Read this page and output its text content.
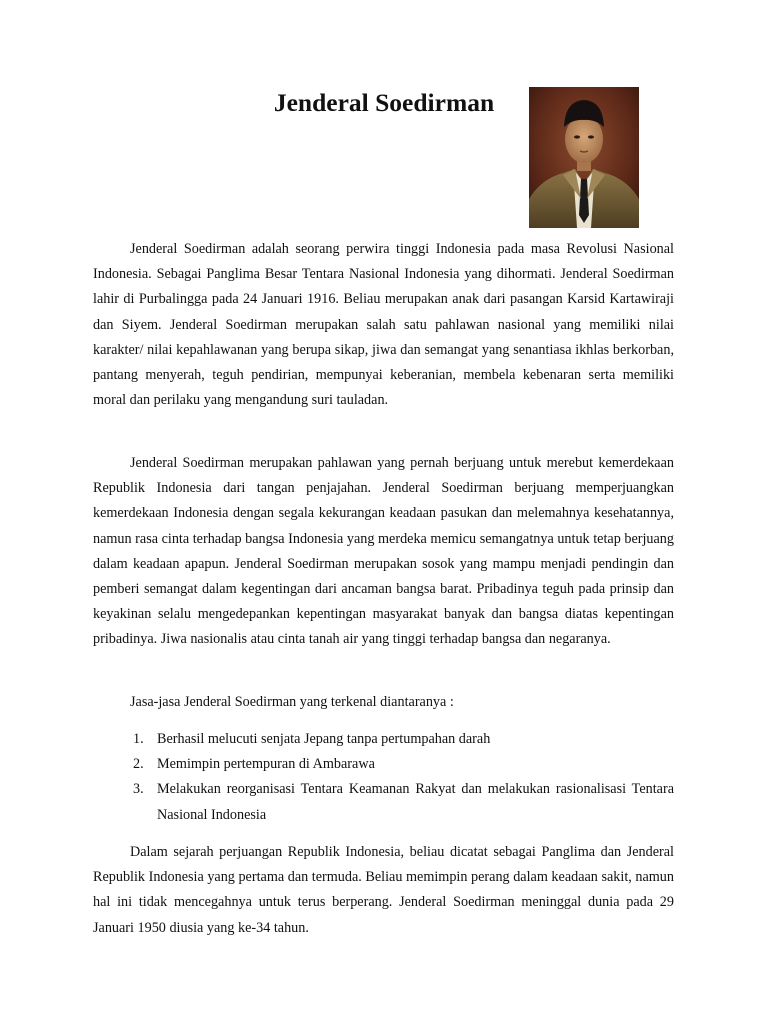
Jenderal Soedirman

Jenderal Soedirman adalah seorang perwira tinggi Indonesia pada masa Revolusi Nasional Indonesia. Sebagai Panglima Besar Tentara Nasional Indonesia yang dihormati. Jenderal Soedirman lahir di Purbalingga pada 24 Januari 1916. Beliau merupakan anak dari pasangan Karsid Kartawiraji dan Siyem. Jenderal Soedirman merupakan salah satu pahlawan nasional yang memiliki nilai karakter/ nilai kepahlawanan yang berupa sikap, jiwa dan semangat yang senantiasa ikhlas berkorban, pantang menyerah, teguh pendirian, mempunyai keberanian, membela kebenaran serta memiliki moral dan perilaku yang mengandung suri tauladan.

Jenderal Soedirman merupakan pahlawan yang pernah berjuang untuk merebut kemerdekaan Republik Indonesia dari tangan penjajahan. Jenderal Soedirman berjuang memperjuangkan kemerdekaan Indonesia dengan segala kekurangan keadaan pasukan dan melemahnya kesehatannya, namun rasa cinta terhadap bangsa Indonesia yang merdeka memicu semangatnya untuk tetap berjuang dalam keadaan apapun. Jenderal Soedirman merupakan sosok yang mampu menjadi pendingin dan pemberi semangat dalam kegentingan dari ancaman bangsa barat. Pribadinya teguh pada prinsip dan keyakinan selalu mengedepankan kepentingan masyarakat banyak dan bangsa diatas kepentingan pribadinya. Jiwa nasionalis atau cinta tanah air yang tinggi terhadap bangsa dan negaranya.

Jasa-jasa Jenderal Soedirman yang terkenal diantaranya :

1. Berhasil melucuti senjata Jepang tanpa pertumpahan darah
2. Memimpin pertempuran di Ambarawa
3. Melakukan reorganisasi Tentara Keamanan Rakyat dan melakukan rasionalisasi Tentara Nasional Indonesia

Dalam sejarah perjuangan Republik Indonesia, beliau dicatat sebagai Panglima dan Jenderal Republik Indonesia yang pertama dan termuda. Beliau memimpin perang dalam keadaan sakit, namun hal ini tidak mencegahnya untuk terus berperang. Jenderal Soedirman meninggal dunia pada 29 Januari 1950 diusia yang ke-34 tahun.
